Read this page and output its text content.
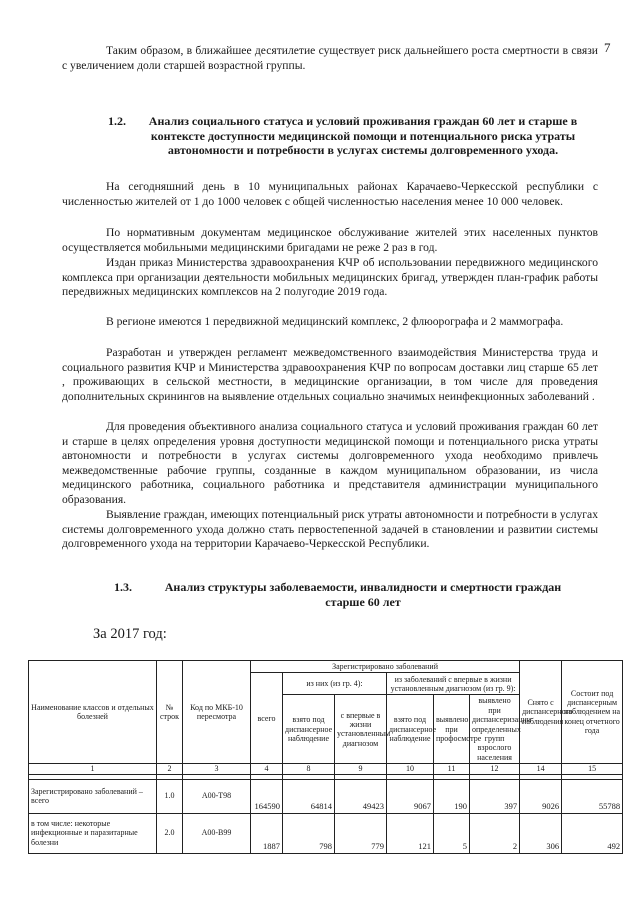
7

Таким образом, в ближайшее десятилетие существует риск дальнейшего роста смертности в связи с увеличением доли старшей возрастной группы.

1.2.	Анализ социального статуса и условий проживания граждан 60 лет и старше в контексте доступности медицинской помощи и потенциального риска утраты автономности и потребности в услугах системы долговременного ухода.

На сегодняшний день в 10 муниципальных районах Карачаево-Черкесской республики с численностью жителей от 1 до 1000 человек с общей численностью населения менее 10 000 человек.

По нормативным документам медицинское обслуживание жителей этих населенных пунктов осуществляется мобильными медицинскими бригадами не реже 2 раз в год.

Издан приказ Министерства здравоохранения КЧР об использовании передвижного медицинского комплекса при организации деятельности мобильных медицинских бригад, утвержден план-график работы передвижных медицинских комплексов на 2 полугодие 2019 года.

В регионе имеются 1 передвижной медицинский комплекс, 2 флюорографа и 2 маммографа.

Разработан и утвержден регламент межведомственного взаимодействия Министерства труда и социального развития КЧР и Министерства здравоохранения КЧР по вопросам доставки лиц старше 65 лет , проживающих в сельской местности, в медицинские организации, в том числе для проведения дополнительных скринингов на выявление отдельных социально значимых неинфекционных заболеваний .

Для проведения объективного анализа социального статуса и условий проживания граждан 60 лет и старше в целях определения уровня доступности медицинской помощи и потенциального риска утраты автономности и потребности в услугах системы долговременного ухода необходимо привлечь межведомственные рабочие группы, созданные в каждом муниципальном образовании, из числа медицинского работника, социального работника и представителя администрации муниципального образования.

Выявление граждан, имеющих потенциальный риск утраты автономности и потребности в услугах системы долговременного ухода должно стать первостепенной задачей в становлении и развитии системы долговременного ухода на территории Карачаево-Черкесской Республики.

1.3.	Анализ структуры заболеваемости, инвалидности и смертности граждан старше 60 лет

За 2017 год:
Наименование классов и отдельных болезней	№ строк	Код по МКБ-10 пересмотра	Зарегистрировано заболеваний						Снято с диспансерного наблюдения	Состоит под диспансерным наблюдением на конец отчетного года
			всего	из них (из гр. 4):		из заболеваний с впервые в жизни установленным диагнозом (из гр. 9):				
				взято под диспансерное наблюдение	с впервые в жизни установленным диагнозом	взято под диспансерное наблюдение	выявлено при профосмотре	выявлено при диспансеризации определенных групп взрослого населения		
1	2	3	4	8	9	10	11	12	14	15

Зарегистрировано заболеваний – всего	1.0	А00-Т98	164590	64814	49423	9067	190	397	9026	55788
в том числе: некоторые инфекционные и паразитарные болезни	2.0	А00-В99	1887	798	779	121	5	2	306	492
